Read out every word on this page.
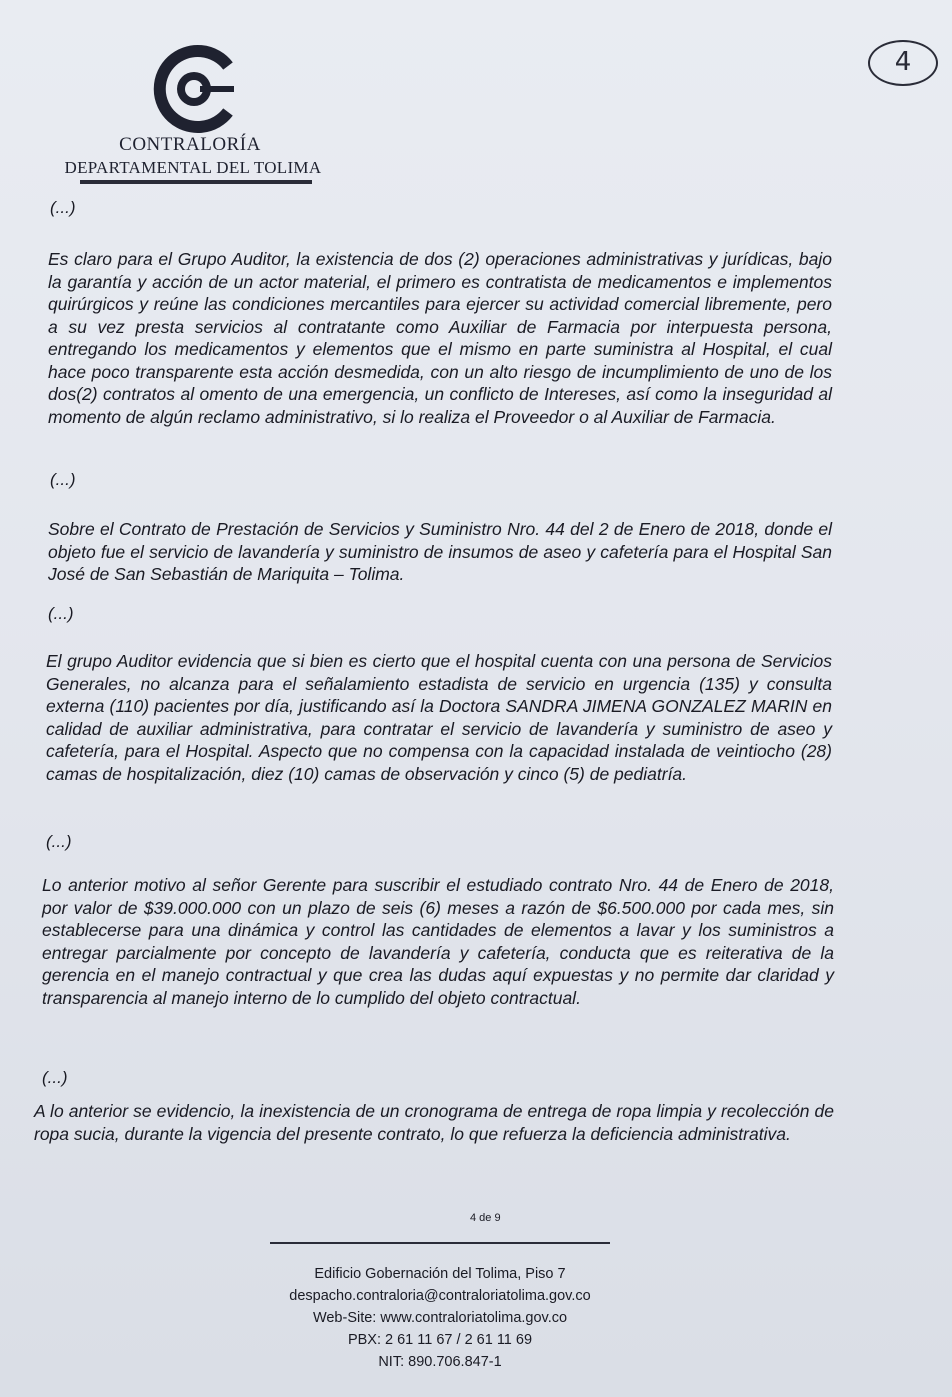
CONTRALORÍA
DEPARTAMENTAL DEL TOLIMA
4
(...)

Es claro para el Grupo Auditor, la existencia de dos (2) operaciones administrativas y jurídicas, bajo la garantía y acción de un actor material, el primero es contratista de medicamentos e implementos quirúrgicos y reúne las condiciones mercantiles para ejercer su actividad comercial libremente, pero a su vez presta servicios al contratante como Auxiliar de Farmacia por interpuesta persona, entregando los medicamentos y elementos que el mismo en parte suministra al Hospital, el cual hace poco transparente esta acción desmedida, con un alto riesgo de incumplimiento de uno de los dos(2) contratos al omento de una emergencia, un conflicto de Intereses, así como la inseguridad al momento de algún reclamo administrativo, si lo realiza el Proveedor o al Auxiliar de Farmacia.

(...)

Sobre el Contrato de Prestación de Servicios y Suministro Nro. 44 del 2 de Enero de 2018, donde el objeto fue el servicio de lavandería y suministro de insumos de aseo y cafetería para el Hospital San José de San Sebastián de Mariquita – Tolima.

(...)

El grupo Auditor evidencia que si bien es cierto que el hospital cuenta con una persona de Servicios Generales, no alcanza para el señalamiento estadista de servicio en urgencia (135) y consulta externa (110) pacientes por día, justificando así la Doctora SANDRA JIMENA GONZALEZ MARIN en calidad de auxiliar administrativa, para contratar el servicio de lavandería y suministro de aseo y cafetería, para el Hospital. Aspecto que no compensa con la capacidad instalada de veintiocho (28) camas de hospitalización, diez (10) camas de observación y cinco (5) de pediatría.

(...)

Lo anterior motivo al señor Gerente para suscribir el estudiado contrato Nro. 44 de Enero de 2018, por valor de $39.000.000 con un plazo de seis (6) meses a razón de $6.500.000 por cada mes, sin establecerse para una dinámica y control las cantidades de elementos a lavar y los suministros a entregar parcialmente por concepto de lavandería y cafetería, conducta que es reiterativa de la gerencia en el manejo contractual y que crea las dudas aquí expuestas y no permite dar claridad y transparencia al manejo interno de lo cumplido del objeto contractual.

(...)

A lo anterior se evidencio, la inexistencia de un cronograma de entrega de ropa limpia y recolección de ropa sucia, durante la vigencia del presente contrato, lo que refuerza la deficiencia administrativa.

4 de 9
Edificio Gobernación del Tolima, Piso 7
despacho.contraloria@contraloriatolima.gov.co
Web-Site: www.contraloriatolima.gov.co
PBX: 2 61 11 67 / 2 61 11 69
NIT: 890.706.847-1
